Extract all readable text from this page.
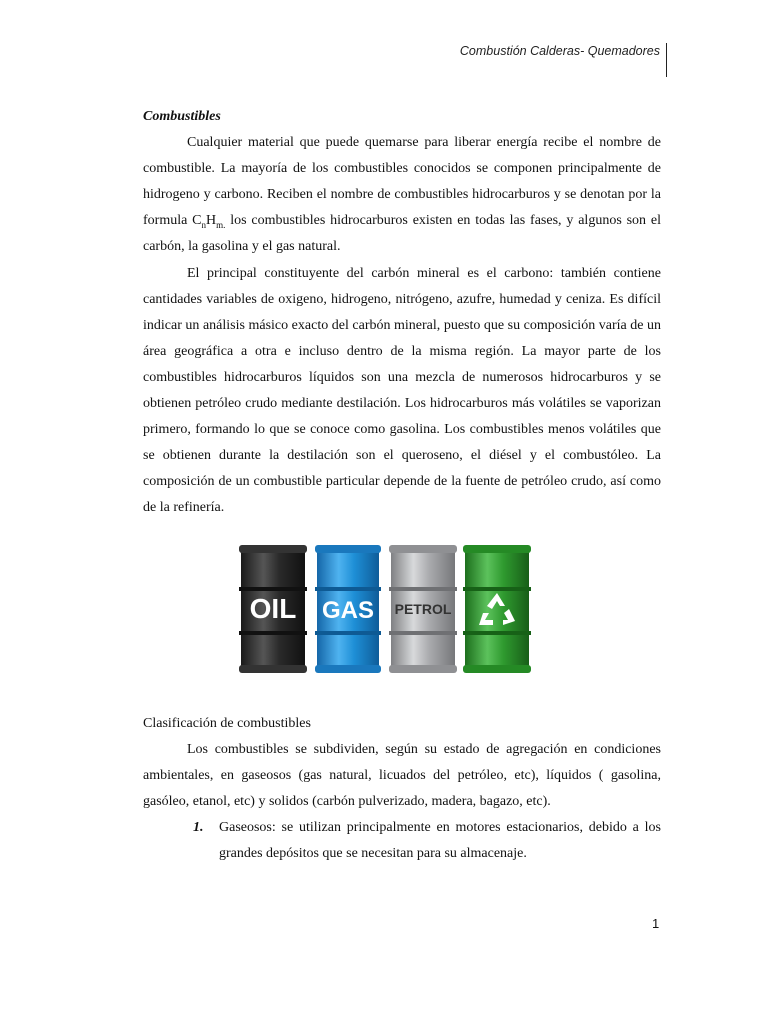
Combustión Calderas- Quemadores

Combustibles

Cualquier material que puede quemarse para liberar energía recibe el nombre de combustible. La mayoría de los combustibles conocidos se componen principalmente de hidrogeno y carbono. Reciben el nombre de combustibles hidrocarburos y se denotan por la formula $C_nH_{m.}$ los combustibles hidrocarburos existen en todas las fases, y algunos son el carbón, la gasolina y el gas natural.

El principal constituyente del carbón mineral es el carbono: también contiene cantidades variables de oxigeno, hidrogeno, nitrógeno, azufre, humedad y ceniza. Es difícil indicar un análisis másico exacto del carbón mineral, puesto que su composición varía de un área geográfica a otra e incluso dentro de la misma región. La mayor parte de los combustibles hidrocarburos líquidos son una mezcla de numerosos hidrocarburos y se obtienen petróleo crudo mediante destilación. Los hidrocarburos más volátiles se vaporizan primero, formando lo que se conoce como gasolina. Los combustibles menos volátiles que se obtienen durante la destilación son el queroseno, el diésel y el combustóleo. La composición de un combustible particular depende de la fuente de petróleo crudo, así como de la refinería.

OIL GAS PETROL

Clasificación de combustibles

Los combustibles se subdividen, según su estado de agregación en condiciones ambientales, en gaseosos (gas natural, licuados del petróleo, etc), líquidos ( gasolina, gasóleo, etanol, etc) y solidos (carbón pulverizado, madera, bagazo, etc).

1. Gaseosos: se utilizan principalmente en motores estacionarios, debido a los grandes depósitos que se necesitan para su almacenaje.

1
